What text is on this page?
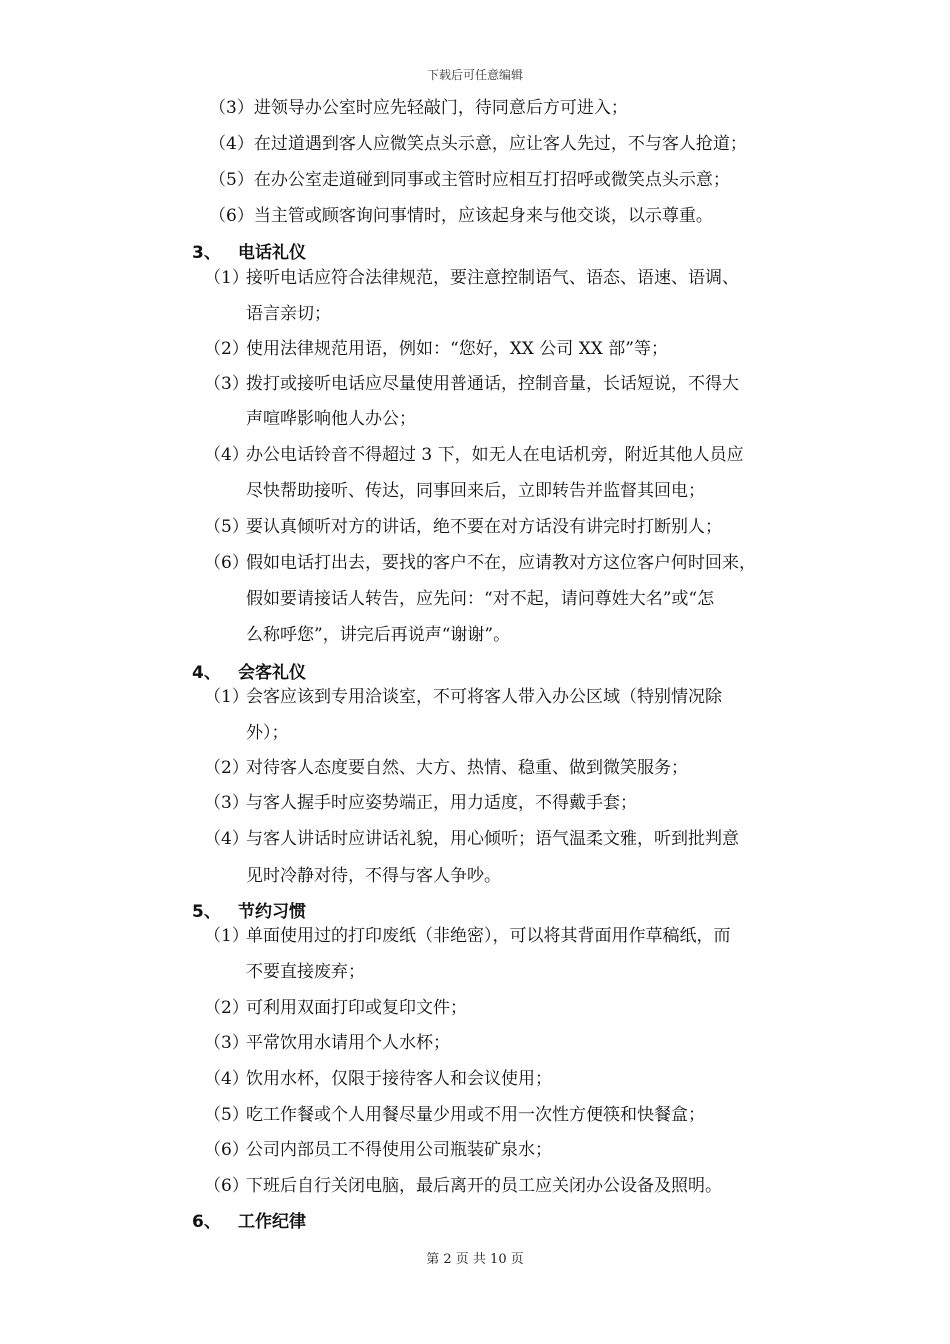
下载后可任意编辑
（3）进领导办公室时应先轻敲门，待同意后方可进入；
（4）在过道遇到客人应微笑点头示意，应让客人先过，不与客人抢道；
（5）在办公室走道碰到同事或主管时应相互打招呼或微笑点头示意；
（6）当主管或顾客询问事情时，应该起身来与他交谈，以示尊重。
3、 电话礼仪
（1）接听电话应符合法律规范，要注意控制语气、语态、语速、语调、
语言亲切；
（2）使用法律规范用语，例如：“您好，XX 公司 XX 部”等；
（3）拨打或接听电话应尽量使用普通话，控制音量，长话短说，不得大
声喧哗影响他人办公；
（4）办公电话铃音不得超过 3 下，如无人在电话机旁，附近其他人员应
尽快帮助接听、传达，同事回来后，立即转告并监督其回电；
（5）要认真倾听对方的讲话，绝不要在对方话没有讲完时打断别人；
（6）假如电话打出去，要找的客户不在，应请教对方这位客户何时回来，
假如要请接话人转告，应先问：“对不起，请问尊姓大名”或“怎
么称呼您”，讲完后再说声“谢谢”。
4、 会客礼仪
（1）会客应该到专用洽谈室，不可将客人带入办公区域（特别情况除
外）；
（2）对待客人态度要自然、大方、热情、稳重、做到微笑服务；
（3）与客人握手时应姿势端正，用力适度，不得戴手套；
（4）与客人讲话时应讲话礼貌，用心倾听；语气温柔文雅，听到批判意
见时冷静对待，不得与客人争吵。
5、 节约习惯
（1）单面使用过的打印废纸（非绝密），可以将其背面用作草稿纸，而
不要直接废弃；
（2）可利用双面打印或复印文件；
（3）平常饮用水请用个人水杯；
（4）饮用水杯，仅限于接待客人和会议使用；
（5）吃工作餐或个人用餐尽量少用或不用一次性方便筷和快餐盒；
（6）公司内部员工不得使用公司瓶装矿泉水；
（6）下班后自行关闭电脑，最后离开的员工应关闭办公设备及照明。
6、 工作纪律
第 2 页 共 10 页
